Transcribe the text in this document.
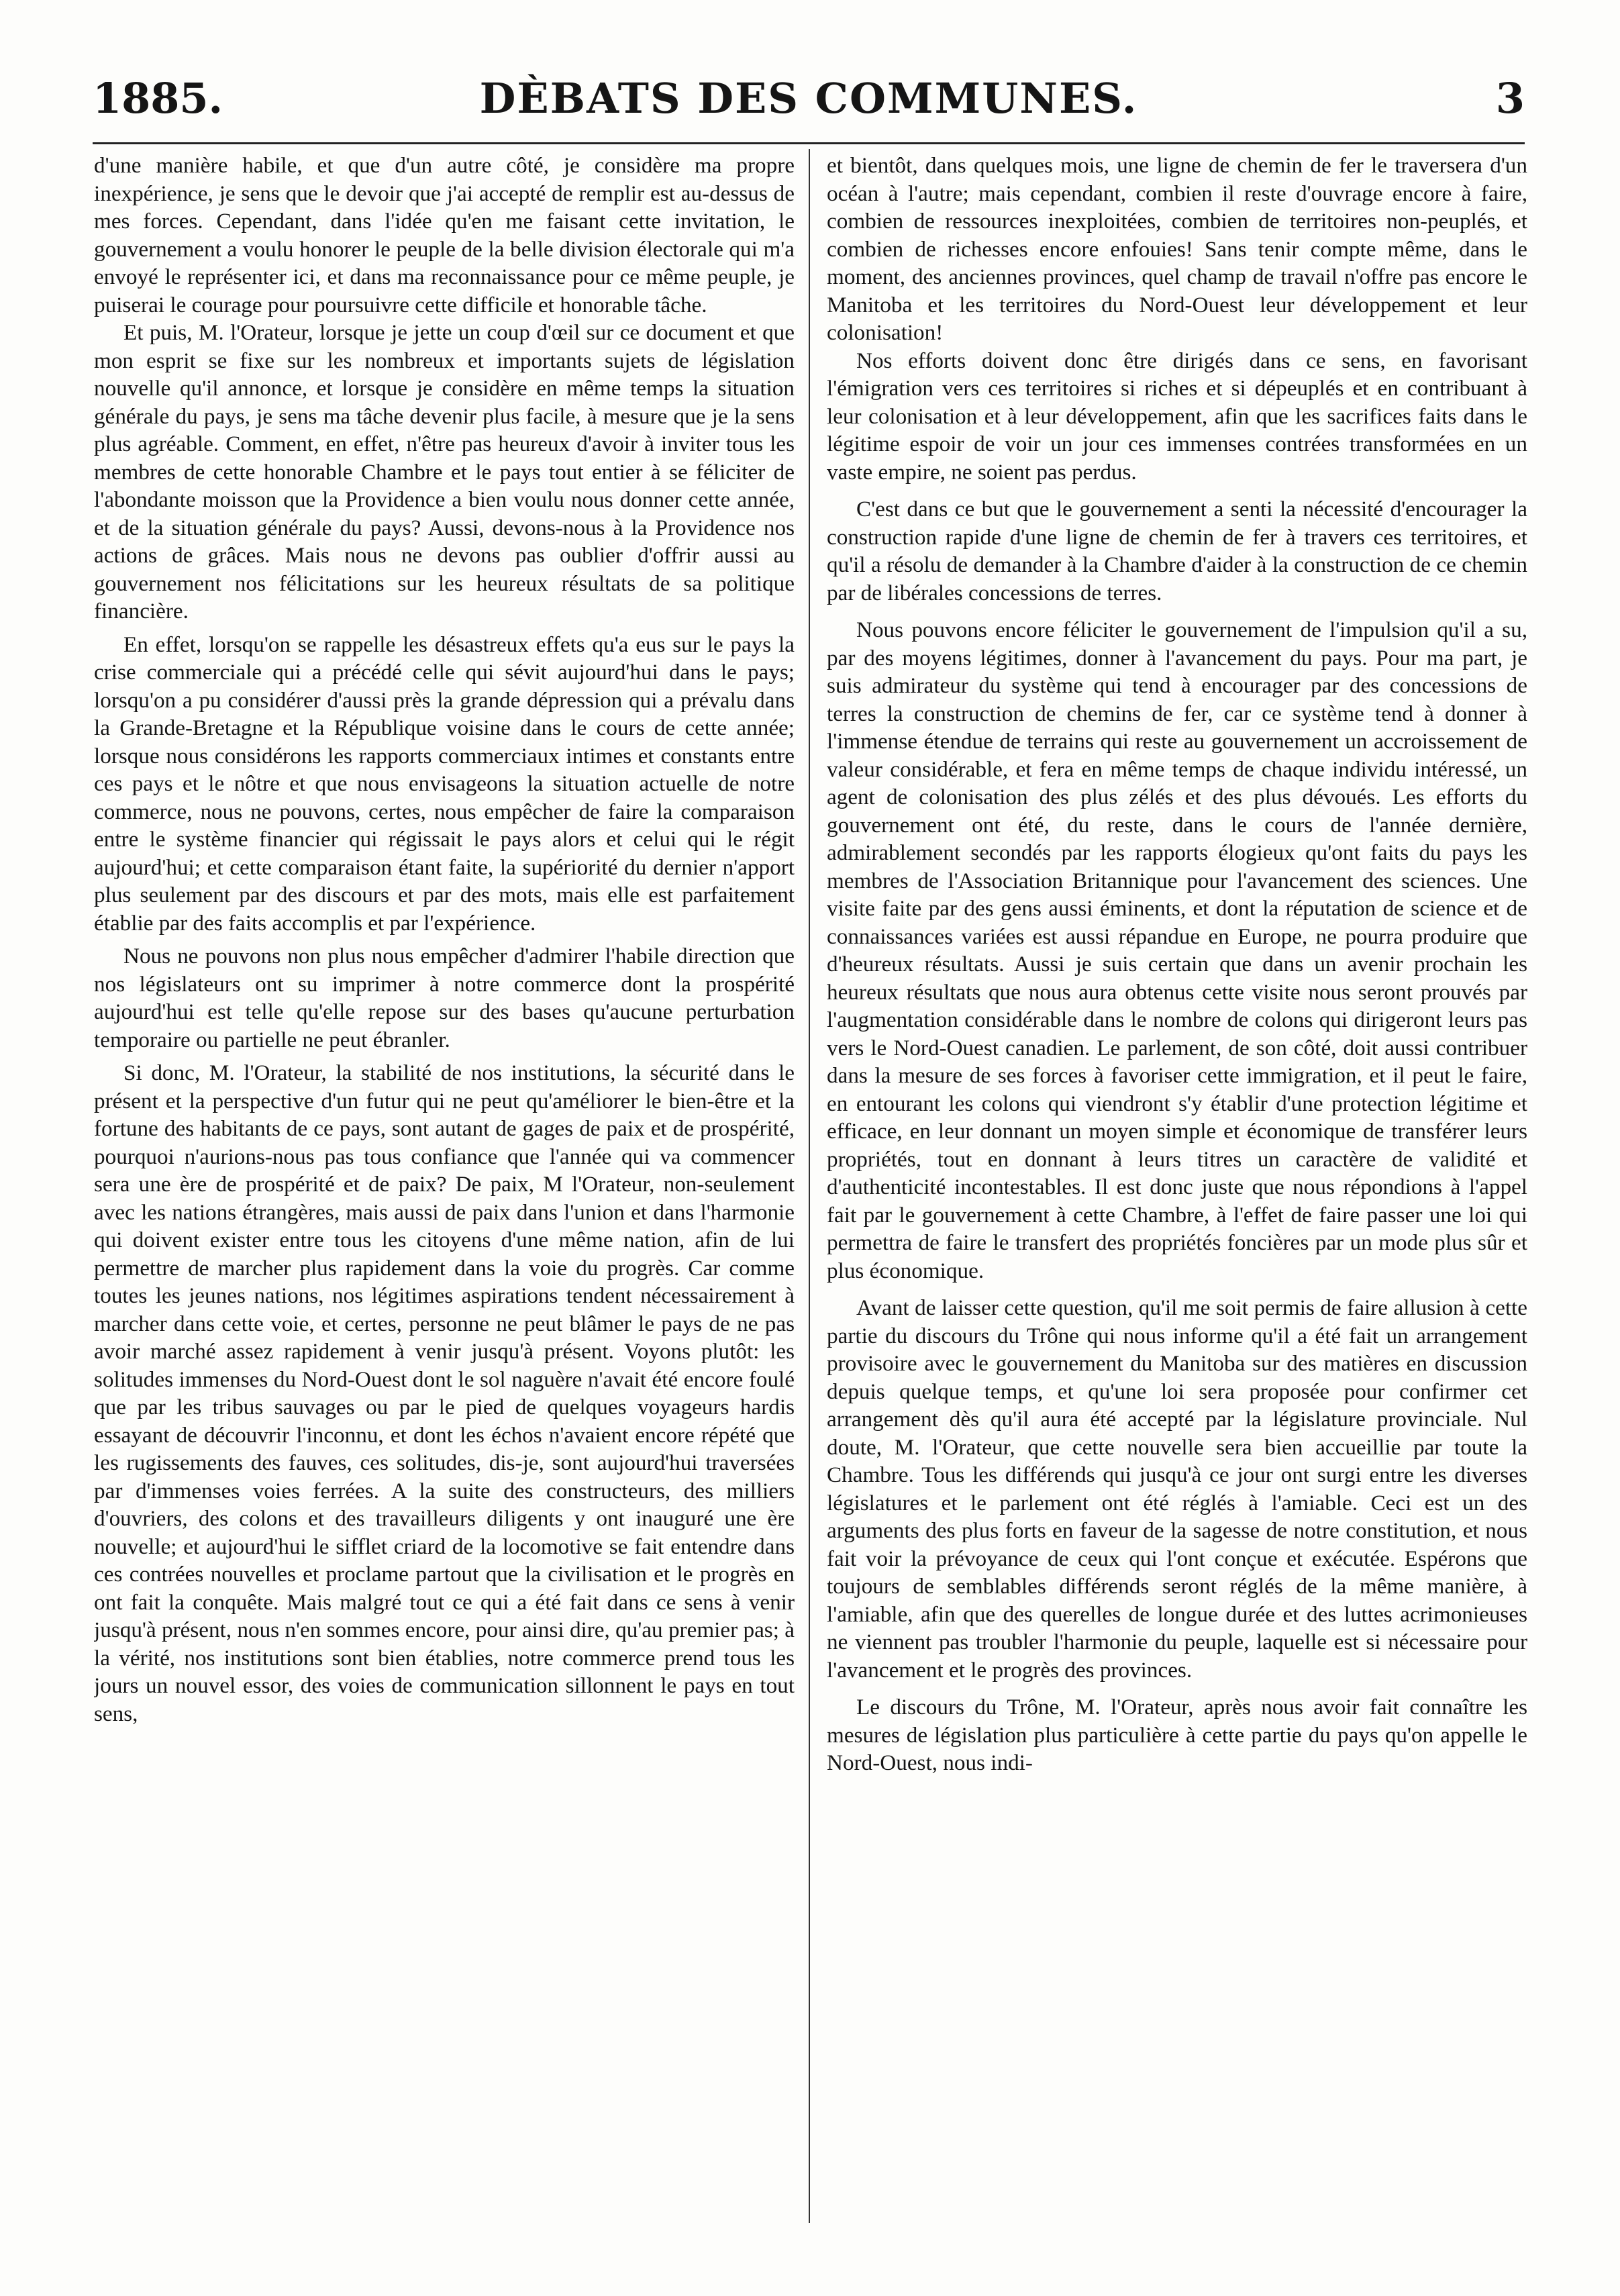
1885.	DÈBATS DES COMMUNES.	3

d'une manière habile, et que d'un autre côté, je considère ma propre inexpérience, je sens que le devoir que j'ai accepté de remplir est au-dessus de mes forces. Cependant, dans l'idée qu'en me faisant cette invitation, le gouvernement a voulu honorer le peuple de la belle division électorale qui m'a envoyé le représenter ici, et dans ma reconnaissance pour ce même peuple, je puiserai le courage pour poursuivre cette difficile et honorable tâche.

Et puis, M. l'Orateur, lorsque je jette un coup d'œil sur ce document et que mon esprit se fixe sur les nombreux et importants sujets de législation nouvelle qu'il annonce, et lorsque je considère en même temps la situation générale du pays, je sens ma tâche devenir plus facile, à mesure que je la sens plus agréable. Comment, en effet, n'être pas heureux d'avoir à inviter tous les membres de cette honorable Chambre et le pays tout entier à se féliciter de l'abondante moisson que la Providence a bien voulu nous donner cette année, et de la situation générale du pays? Aussi, devons-nous à la Providence nos actions de grâces. Mais nous ne devons pas oublier d'offrir aussi au gouvernement nos félicitations sur les heureux résultats de sa politique financière.

En effet, lorsqu'on se rappelle les désastreux effets qu'a eus sur le pays la crise commerciale qui a précédé celle qui sévit aujourd'hui dans le pays; lorsqu'on a pu considérer d'aussi près la grande dépression qui a prévalu dans la Grande-Bretagne et la République voisine dans le cours de cette année; lorsque nous considérons les rapports commerciaux intimes et constants entre ces pays et le nôtre et que nous envisageons la situation actuelle de notre commerce, nous ne pouvons, certes, nous empêcher de faire la comparaison entre le système financier qui régissait le pays alors et celui qui le régit aujourd'hui; et cette comparaison étant faite, la supériorité du dernier n'apport plus seulement par des discours et par des mots, mais elle est parfaitement établie par des faits accomplis et par l'expérience.

Nous ne pouvons non plus nous empêcher d'admirer l'habile direction que nos législateurs ont su imprimer à notre commerce dont la prospérité aujourd'hui est telle qu'elle repose sur des bases qu'aucune perturbation temporaire ou partielle ne peut ébranler.

Si donc, M. l'Orateur, la stabilité de nos institutions, la sécurité dans le présent et la perspective d'un futur qui ne peut qu'améliorer le bien-être et la fortune des habitants de ce pays, sont autant de gages de paix et de prospérité, pourquoi n'aurions-nous pas tous confiance que l'année qui va commencer sera une ère de prospérité et de paix? De paix, M l'Orateur, non-seulement avec les nations étrangères, mais aussi de paix dans l'union et dans l'harmonie qui doivent exister entre tous les citoyens d'une même nation, afin de lui permettre de marcher plus rapidement dans la voie du progrès. Car comme toutes les jeunes nations, nos légitimes aspirations tendent nécessairement à marcher dans cette voie, et certes, personne ne peut blâmer le pays de ne pas avoir marché assez rapidement à venir jusqu'à présent. Voyons plutôt: les solitudes immenses du Nord-Ouest dont le sol naguère n'avait été encore foulé que par les tribus sauvages ou par le pied de quelques voyageurs hardis essayant de découvrir l'inconnu, et dont les échos n'avaient encore répété que les rugissements des fauves, ces solitudes, dis-je, sont aujourd'hui traversées par d'immenses voies ferrées. A la suite des constructeurs, des milliers d'ouvriers, des colons et des travailleurs diligents y ont inauguré une ère nouvelle; et aujourd'hui le sifflet criard de la locomotive se fait entendre dans ces contrées nouvelles et proclame partout que la civilisation et le progrès en ont fait la conquête. Mais malgré tout ce qui a été fait dans ce sens à venir jusqu'à présent, nous n'en sommes encore, pour ainsi dire, qu'au premier pas; à la vérité, nos institutions sont bien établies, notre commerce prend tous les jours un nouvel essor, des voies de communication sillonnent le pays en tout sens,

et bientôt, dans quelques mois, une ligne de chemin de fer le traversera d'un océan à l'autre; mais cependant, combien il reste d'ouvrage encore à faire, combien de ressources inexploitées, combien de territoires non-peuplés, et combien de richesses encore enfouies! Sans tenir compte même, dans le moment, des anciennes provinces, quel champ de travail n'offre pas encore le Manitoba et les territoires du Nord-Ouest leur développement et leur colonisation!

Nos efforts doivent donc être dirigés dans ce sens, en favorisant l'émigration vers ces territoires si riches et si dépeuplés et en contribuant à leur colonisation et à leur développement, afin que les sacrifices faits dans le légitime espoir de voir un jour ces immenses contrées transformées en un vaste empire, ne soient pas perdus.

C'est dans ce but que le gouvernement a senti la nécessité d'encourager la construction rapide d'une ligne de chemin de fer à travers ces territoires, et qu'il a résolu de demander à la Chambre d'aider à la construction de ce chemin par de libérales concessions de terres.

Nous pouvons encore féliciter le gouvernement de l'impulsion qu'il a su, par des moyens légitimes, donner à l'avancement du pays. Pour ma part, je suis admirateur du système qui tend à encourager par des concessions de terres la construction de chemins de fer, car ce système tend à donner à l'immense étendue de terrains qui reste au gouvernement un accroissement de valeur considérable, et fera en même temps de chaque individu intéressé, un agent de colonisation des plus zélés et des plus dévoués. Les efforts du gouvernement ont été, du reste, dans le cours de l'année dernière, admirablement secondés par les rapports élogieux qu'ont faits du pays les membres de l'Association Britannique pour l'avancement des sciences. Une visite faite par des gens aussi éminents, et dont la réputation de science et de connaissances variées est aussi répandue en Europe, ne pourra produire que d'heureux résultats. Aussi je suis certain que dans un avenir prochain les heureux résultats que nous aura obtenus cette visite nous seront prouvés par l'augmentation considérable dans le nombre de colons qui dirigeront leurs pas vers le Nord-Ouest canadien. Le parlement, de son côté, doit aussi contribuer dans la mesure de ses forces à favoriser cette immigration, et il peut le faire, en entourant les colons qui viendront s'y établir d'une protection légitime et efficace, en leur donnant un moyen simple et économique de transférer leurs propriétés, tout en donnant à leurs titres un caractère de validité et d'authenticité incontestables. Il est donc juste que nous répondions à l'appel fait par le gouvernement à cette Chambre, à l'effet de faire passer une loi qui permettra de faire le transfert des propriétés foncières par un mode plus sûr et plus économique.

Avant de laisser cette question, qu'il me soit permis de faire allusion à cette partie du discours du Trône qui nous informe qu'il a été fait un arrangement provisoire avec le gouvernement du Manitoba sur des matières en discussion depuis quelque temps, et qu'une loi sera proposée pour confirmer cet arrangement dès qu'il aura été accepté par la législature provinciale. Nul doute, M. l'Orateur, que cette nouvelle sera bien accueillie par toute la Chambre. Tous les différends qui jusqu'à ce jour ont surgi entre les diverses législatures et le parlement ont été réglés à l'amiable. Ceci est un des arguments des plus forts en faveur de la sagesse de notre constitution, et nous fait voir la prévoyance de ceux qui l'ont conçue et exécutée. Espérons que toujours de semblables différends seront réglés de la même manière, à l'amiable, afin que des querelles de longue durée et des luttes acrimonieuses ne viennent pas troubler l'harmonie du peuple, laquelle est si nécessaire pour l'avancement et le progrès des provinces.

Le discours du Trône, M. l'Orateur, après nous avoir fait connaître les mesures de législation plus particulière à cette partie du pays qu'on appelle le Nord-Ouest, nous indi-
